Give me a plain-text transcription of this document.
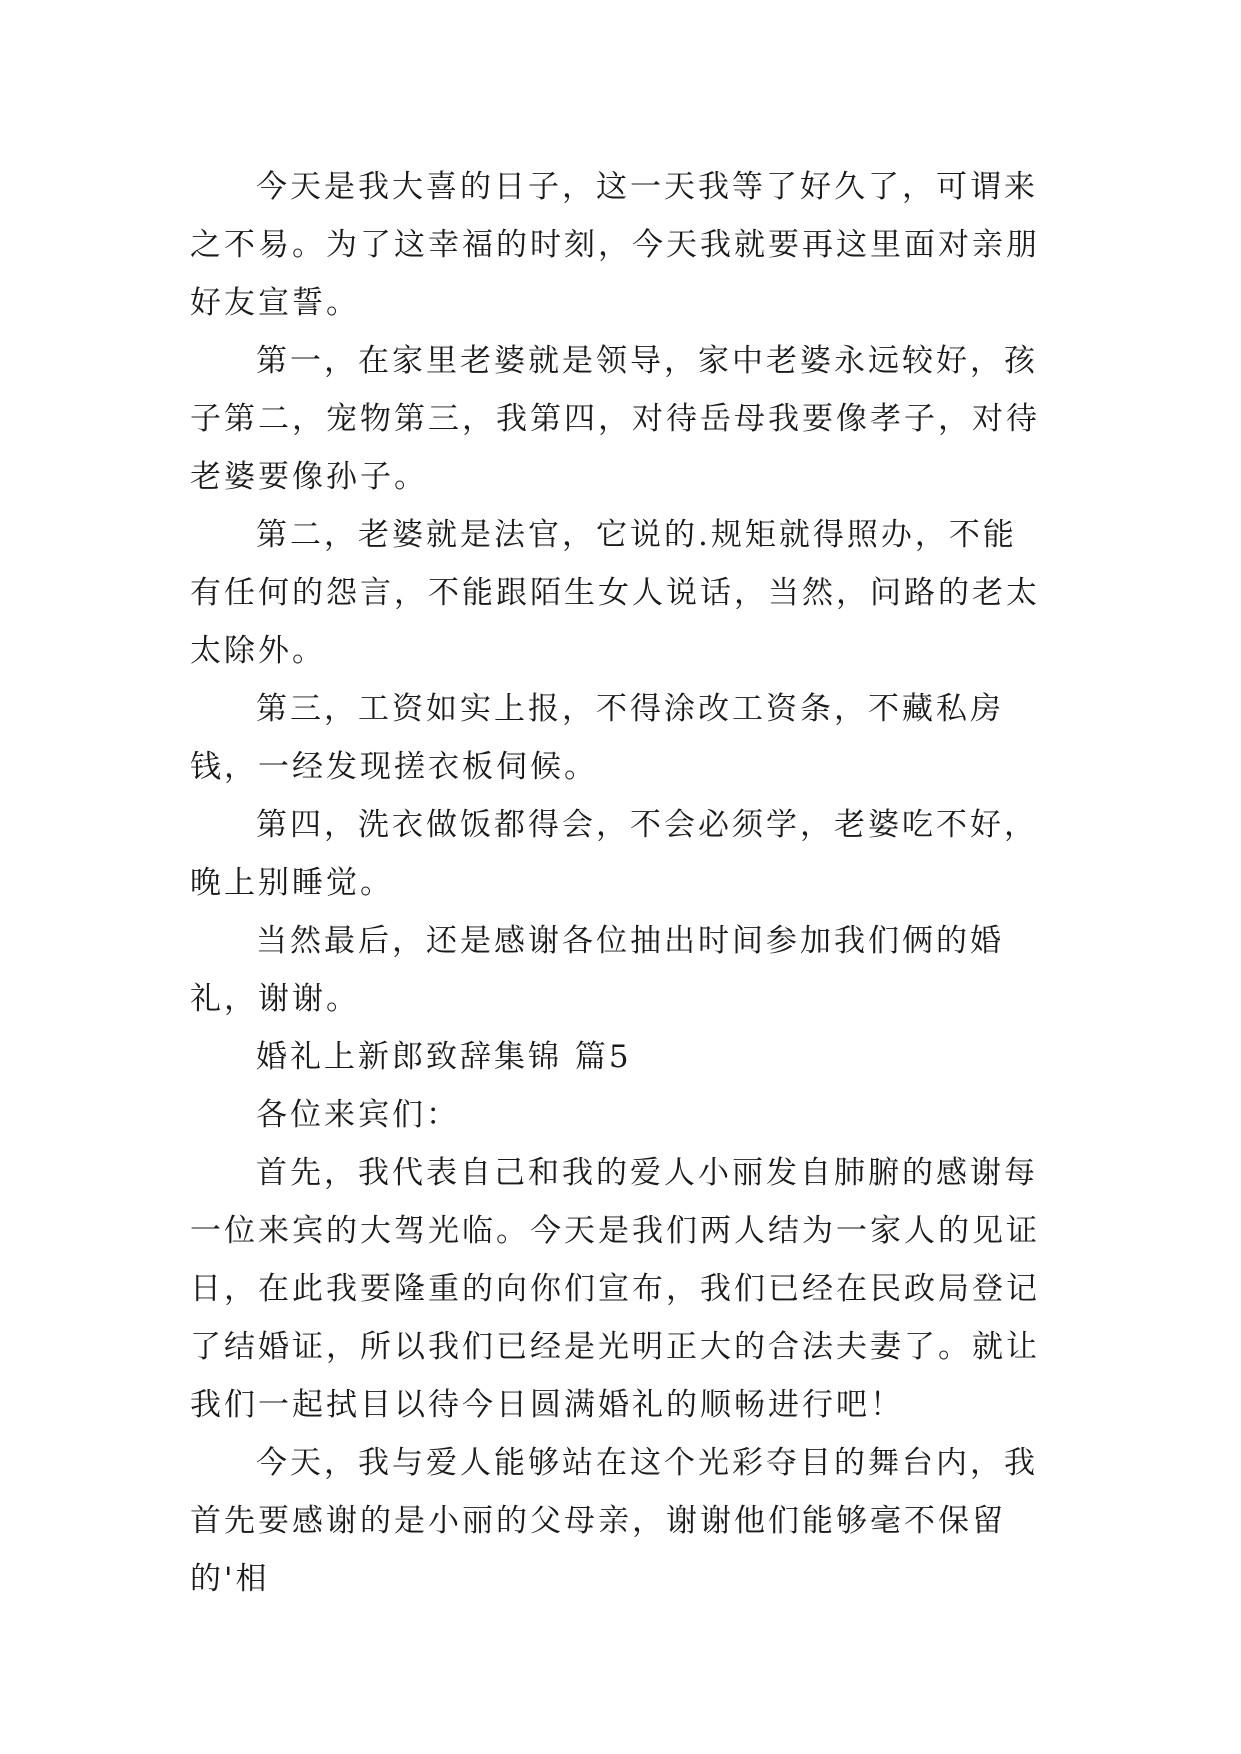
今天是我大喜的日子，这一天我等了好久了，可谓来之不易。为了这幸福的时刻，今天我就要再这里面对亲朋好友宣誓。

第一，在家里老婆就是领导，家中老婆永远较好，孩子第二，宠物第三，我第四，对待岳母我要像孝子，对待老婆要像孙子。

第二，老婆就是法官，它说的.规矩就得照办，不能有任何的怨言，不能跟陌生女人说话，当然，问路的老太太除外。

第三，工资如实上报，不得涂改工资条，不藏私房钱，一经发现搓衣板伺候。

第四，洗衣做饭都得会，不会必须学，老婆吃不好，晚上别睡觉。

当然最后，还是感谢各位抽出时间参加我们俩的婚礼，谢谢。

婚礼上新郎致辞集锦 篇5

各位来宾们：

首先，我代表自己和我的爱人小丽发自肺腑的感谢每一位来宾的大驾光临。今天是我们两人结为一家人的见证日，在此我要隆重的向你们宣布，我们已经在民政局登记了结婚证，所以我们已经是光明正大的合法夫妻了。就让我们一起拭目以待今日圆满婚礼的顺畅进行吧！

今天，我与爱人能够站在这个光彩夺目的舞台内，我首先要感谢的是小丽的父母亲，谢谢他们能够毫不保留的'相
